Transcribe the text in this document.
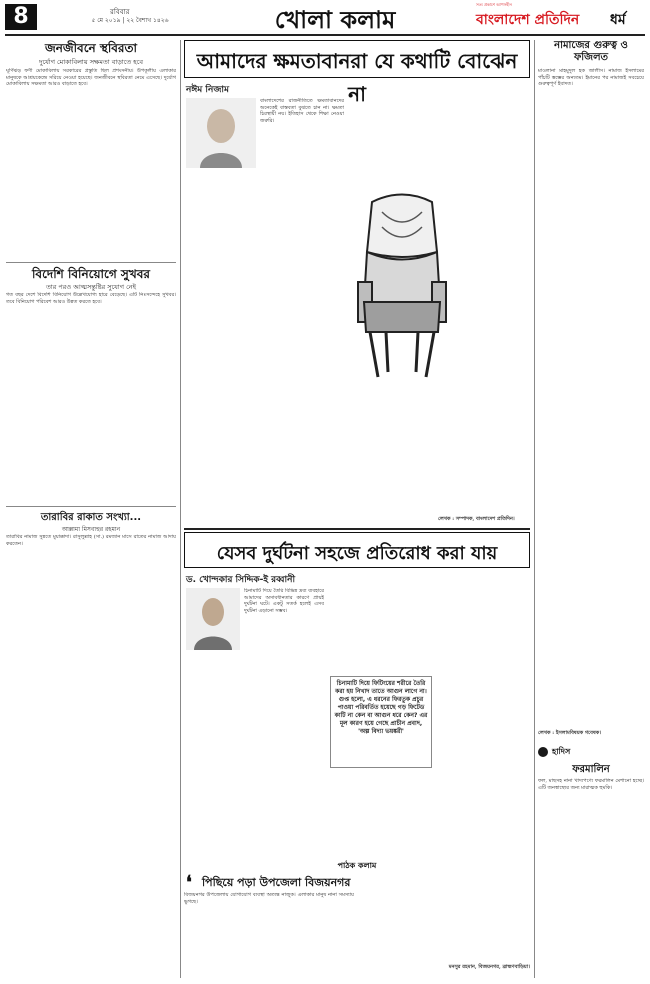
8	রবিবার
৫ মে ২০১৯ | ২২ বৈশাখ ১৪২৬	খোলা কলাম
সত্য প্রকাশে আপসহীন
বাংলাদেশ প্রতিদিন ধর্ম
জনজীবনে স্থবিরতা
দুর্যোগ মোকাবিলায় সক্ষমতা বাড়াতে হবে
ঘূর্ণিঝড় ফণী মোকাবিলায় সরকারের প্রস্তুতি ছিল প্রশংসনীয়। উপকূলীয় এলাকার মানুষকে আশ্রয়কেন্দ্রে সরিয়ে নেওয়া হয়েছে। জনজীবনে স্থবিরতা নেমে এসেছে। দুর্যোগ মোকাবিলায় সক্ষমতা আরও বাড়াতে হবে।
বিদেশি বিনিয়োগে সুখবর
তার পরও আত্মসন্তুষ্টির সুযোগ নেই
গত বছর দেশে বিদেশি বিনিয়োগ উল্লেখযোগ্য হারে বেড়েছে। এটি নিঃসন্দেহে সুখবর। তবে বিনিয়োগ পরিবেশ আরও উন্নত করতে হবে।
তারাবির রাকাত সংখ্যা...
আল্লামা মিসবাহুর রহমান
তারাবির নামাজ সুন্নতে মুয়াক্কাদা। রাসুলুল্লাহ (সা.) রমজান মাসে রাতের নামাজ আদায় করতেন।
আমাদের ক্ষমতাবানরা যে কথাটি বোঝেন না
নঈম নিজাম
বাংলাদেশের রাজনীতিতে ক্ষমতাবানদের অনেকেই বাস্তবতা বুঝতে চান না। ক্ষমতা চিরস্থায়ী নয়। ইতিহাস থেকে শিক্ষা নেওয়া জরুরি।
লেখক : সম্পাদক, বাংলাদেশ প্রতিদিন।
যেসব দুর্ঘটনা সহজে প্রতিরোধ করা যায়
ড. খোন্দকার সিদ্দিক-ই রব্বানী
চিনামাটি দিয়ে তৈরি বিভিন্ন দ্রব্য ব্যবহারে আমাদের অসাবধানতার কারণে প্রায়ই দুর্ঘটনা ঘটে। একটু সতর্ক হলেই এসব দুর্ঘটনা এড়ানো সম্ভব।
চিনামাটি দিয়ে ফিটিংয়ের শরীরে তৈরি করা হয় নিখাদ তাতে আগুন লাগে না। গুপ্ত হলো, এ ধরনের ফিরতুক প্রচুর পাওয়া পরিবর্তিত হয়েছে গড় ফিটেড কাটি না কেন বা আগুন ধরে কেন? এর মূল কারণ হয়ে গেছে প্রাচীন প্রবাদ, 'অল্প বিদ্যা ভয়ঙ্করী'
পাঠক কলাম
❛ পিছিয়ে পড়া উপজেলা বিজয়নগর
বিজয়নগর উপজেলায় যোগাযোগ ব্যবস্থা অত্যন্ত নাজুক। এলাকার মানুষ নানা সমস্যায় ভুগছে।
মনসুর রহমান, বিজয়নগর, ব্রাহ্মণবাড়িয়া।
নামাজের গুরুত্ব ও ফজিলত
মাওলানা মাহমুদুল হক জালীস। নামাজ ইসলামের পাঁচটি স্তম্ভের অন্যতম। ইমানের পর নামাজই সবচেয়ে গুরুত্বপূর্ণ ইবাদত।
লেখক : ইসলামবিষয়ক গবেষক।
হাদিস
ফরমালিন
ফল, মাছসহ নানা খাদ্যপণ্যে ফরমালিন মেশানো হচ্ছে। এটি জনস্বাস্থ্যের জন্য মারাত্মক হুমকি।
